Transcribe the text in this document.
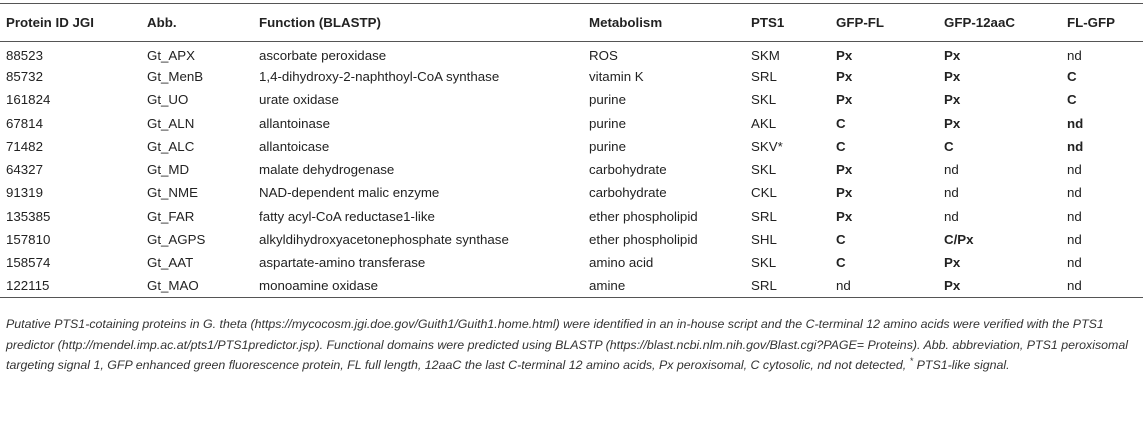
Protein ID JGI	Abb.	Function (BLASTP)	Metabolism	PTS1	GFP-FL	GFP-12aaC	FL-GFP
88523	Gt_APX	ascorbate peroxidase	ROS	SKM	Px	Px	nd
85732	Gt_MenB	1,4-dihydroxy-2-naphthoyl-CoA synthase	vitamin K	SRL	Px	Px	C
161824	Gt_UO	urate oxidase	purine	SKL	Px	Px	C
67814	Gt_ALN	allantoinase	purine	AKL	C	Px	nd
71482	Gt_ALC	allantoicase	purine	SKV*	C	C	nd
64327	Gt_MD	malate dehydrogenase	carbohydrate	SKL	Px	nd	nd
91319	Gt_NME	NAD-dependent malic enzyme	carbohydrate	CKL	Px	nd	nd
135385	Gt_FAR	fatty acyl-CoA reductase1-like	ether phospholipid	SRL	Px	nd	nd
157810	Gt_AGPS	alkyldihydroxyacetonephosphate synthase	ether phospholipid	SHL	C	C/Px	nd
158574	Gt_AAT	aspartate-amino transferase	amino acid	SKL	C	Px	nd
122115	Gt_MAO	monoamine oxidase	amine	SRL	nd	Px	nd
Putative PTS1-cotaining proteins in G. theta (https://mycocosm.jgi.doe.gov/Guith1/Guith1.home.html) were identified in an in-house script and the C-terminal 12 amino acids were verified with the PTS1 predictor (http://mendel.imp.ac.at/pts1/PTS1predictor.jsp). Functional domains were predicted using BLASTP (https://blast.ncbi.nlm.nih.gov/Blast.cgi?PAGE= Proteins). Abb. abbreviation, PTS1 peroxisomal targeting signal 1, GFP enhanced green fluorescence protein, FL full length, 12aaC the last C-terminal 12 amino acids, Px peroxisomal, C cytosolic, nd not detected, * PTS1-like signal.
